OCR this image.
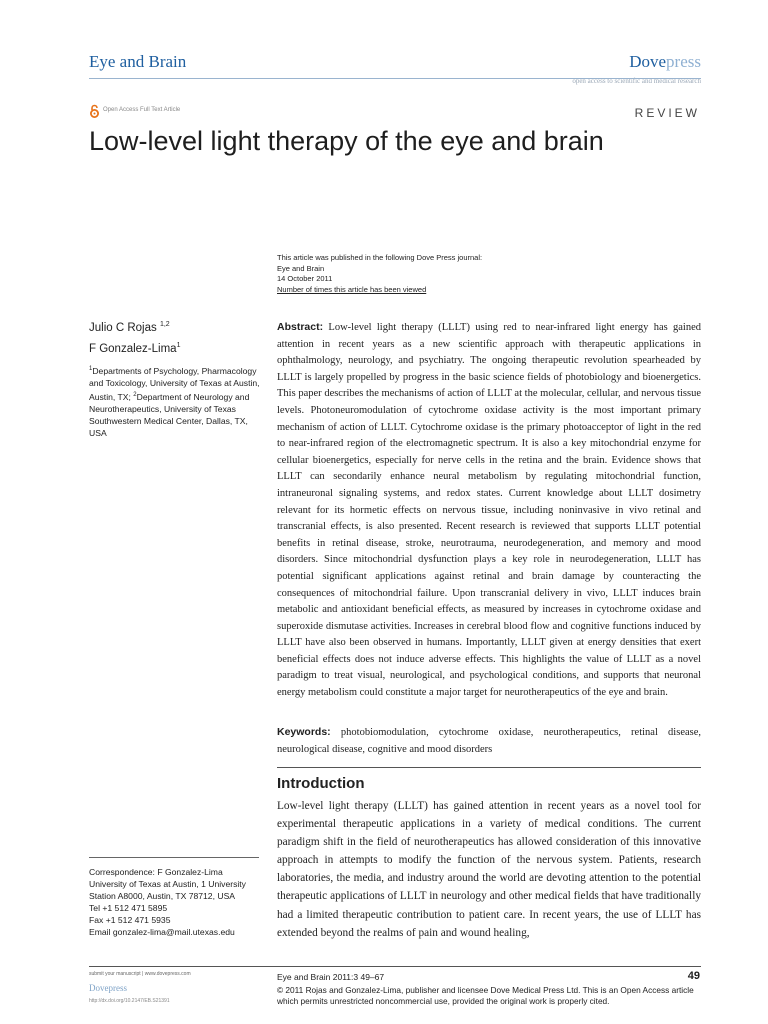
Eye and Brain	Dovepress
open access to scientific and medical research
Open Access Full Text Article	REVIEW
Low-level light therapy of the eye and brain
This article was published in the following Dove Press journal:
Eye and Brain
14 October 2011
Number of times this article has been viewed
Julio C Rojas $^{1,2}$
F Gonzalez-Lima$^1$
$^1$Departments of Psychology, Pharmacology and Toxicology, University of Texas at Austin, Austin, TX; $^2$Department of Neurology and Neurotherapeutics, University of Texas Southwestern Medical Center, Dallas, TX, USA

Abstract: Low-level light therapy (LLLT) using red to near-infrared light energy has gained attention in recent years as a new scientific approach with therapeutic applications in ophthalmology, neurology, and psychiatry. The ongoing therapeutic revolution spearheaded by LLLT is largely propelled by progress in the basic science fields of photobiology and bioenergetics. This paper describes the mechanisms of action of LLLT at the molecular, cellular, and nervous tissue levels. Photoneuromodulation of cytochrome oxidase activity is the most important primary mechanism of action of LLLT. Cytochrome oxidase is the primary photoacceptor of light in the red to near-infrared region of the electromagnetic spectrum. It is also a key mitochondrial enzyme for cellular bioenergetics, especially for nerve cells in the retina and the brain. Evidence shows that LLLT can secondarily enhance neural metabolism by regulating mitochondrial function, intraneuronal signaling systems, and redox states. Current knowledge about LLLT dosimetry relevant for its hormetic effects on nervous tissue, including noninvasive in vivo retinal and transcranial effects, is also presented. Recent research is reviewed that supports LLLT potential benefits in retinal disease, stroke, neurotrauma, neurodegeneration, and memory and mood disorders. Since mitochondrial dysfunction plays a key role in neurodegeneration, LLLT has potential significant applications against retinal and brain damage by counteracting the consequences of mitochondrial failure. Upon transcranial delivery in vivo, LLLT induces brain metabolic and antioxidant beneficial effects, as measured by increases in cytochrome oxidase and superoxide dismutase activities. Increases in cerebral blood flow and cognitive functions induced by LLLT have also been observed in humans. Importantly, LLLT given at energy densities that exert beneficial effects does not induce adverse effects. This highlights the value of LLLT as a novel paradigm to treat visual, neurological, and psychological conditions, and supports that neuronal energy metabolism could constitute a major target for neurotherapeutics of the eye and brain.

Keywords: photobiomodulation, cytochrome oxidase, neurotherapeutics, retinal disease, neurological disease, cognitive and mood disorders

Introduction

Low-level light therapy (LLLT) has gained attention in recent years as a novel tool for experimental therapeutic applications in a variety of medical conditions. The current paradigm shift in the field of neurotherapeutics has allowed consideration of this innovative approach in attempts to modify the function of the nervous system. Patients, research laboratories, the media, and industry around the world are devoting attention to the potential therapeutic applications of LLLT in neurology and other medical fields that have traditionally had a limited therapeutic contribution to patient care. In recent years, the use of LLLT has extended beyond the realms of pain and wound healing,

Correspondence: F Gonzalez-Lima
University of Texas at Austin, 1 University
Station A8000, Austin, TX 78712, USA
Tel +1 512 471 5895
Fax +1 512 471 5935
Email gonzalez-lima@mail.utexas.edu
submit your manuscript | www.dovepress.com
Dovepress
http://dx.doi.org/10.2147/EB.S21391
Eye and Brain 2011:3 49–67	49
© 2011 Rojas and Gonzalez-Lima, publisher and licensee Dove Medical Press Ltd. This is an Open Access article which permits unrestricted noncommercial use, provided the original work is properly cited.
